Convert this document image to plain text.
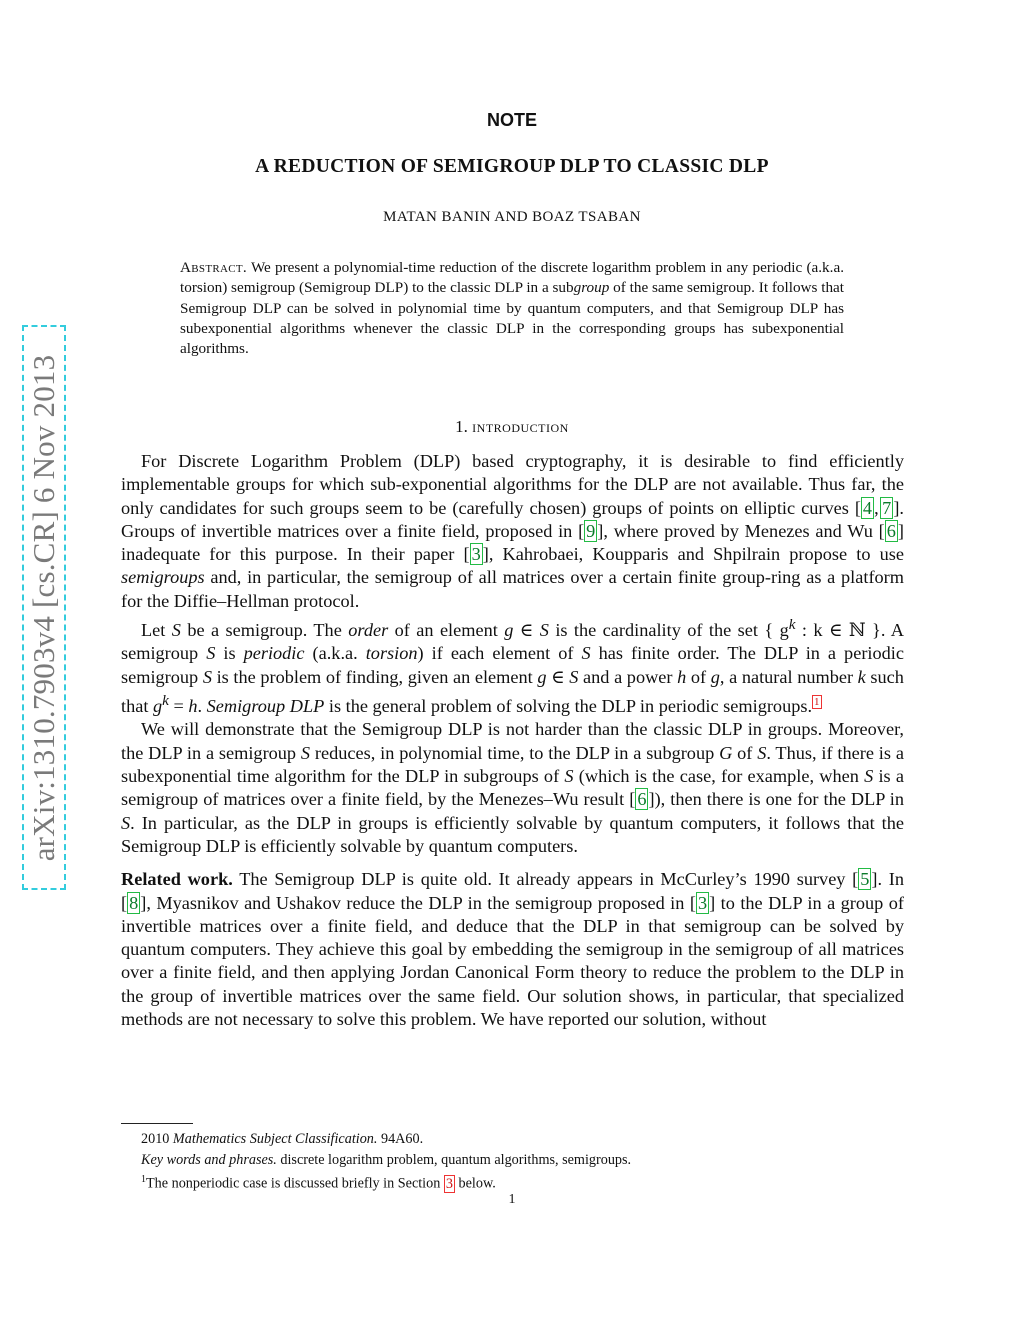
arXiv:1310.7903v4 [cs.CR] 6 Nov 2013
NOTE
A REDUCTION OF SEMIGROUP DLP TO CLASSIC DLP
MATAN BANIN AND BOAZ TSABAN
Abstract. We present a polynomial-time reduction of the discrete logarithm problem in any periodic (a.k.a. torsion) semigroup (Semigroup DLP) to the classic DLP in a subgroup of the same semigroup. It follows that Semigroup DLP can be solved in polynomial time by quantum computers, and that Semigroup DLP has subexponential algorithms whenever the classic DLP in the corresponding groups has subexponential algorithms.
1. introduction

For Discrete Logarithm Problem (DLP) based cryptography, it is desirable to find efficiently implementable groups for which sub-exponential algorithms for the DLP are not available. Thus far, the only candidates for such groups seem to be (carefully chosen) groups of points on elliptic curves [ 4 , 7 ]. Groups of invertible matrices over a finite field, proposed in [ 9 ], where proved by Menezes and Wu [ 6 ] inadequate for this purpose. In their paper [ 3 ], Kahrobaei, Koupparis and Shpilrain propose to use semigroups and, in particular, the semigroup of all matrices over a certain finite group-ring as a platform for the Diffie–Hellman protocol.

Let S be a semigroup. The order of an element g ∈ S is the cardinality of the set { $g^k$ : k ∈ ℕ }. A semigroup S is periodic (a.k.a. torsion) if each element of S has finite order. The DLP in a periodic semigroup S is the problem of finding, given an element g ∈ S and a power h of g, a natural number k such that $g^k = h$. Semigroup DLP is the general problem of solving the DLP in periodic semigroups. $^1$

We will demonstrate that the Semigroup DLP is not harder than the classic DLP in groups. Moreover, the DLP in a semigroup S reduces, in polynomial time, to the DLP in a subgroup G of S. Thus, if there is a subexponential time algorithm for the DLP in subgroups of S (which is the case, for example, when S is a semigroup of matrices over a finite field, by the Menezes–Wu result [ 6 ]), then there is one for the DLP in S. In particular, as the DLP in groups is efficiently solvable by quantum computers, it follows that the Semigroup DLP is efficiently solvable by quantum computers.

Related work. The Semigroup DLP is quite old. It already appears in McCurley’s 1990 survey [ 5 ]. In [ 8 ], Myasnikov and Ushakov reduce the DLP in the semigroup proposed in [ 3 ] to the DLP in a group of invertible matrices over a finite field, and deduce that the DLP in that semigroup can be solved by quantum computers. They achieve this goal by embedding the semigroup in the semigroup of all matrices over a finite field, and then applying Jordan Canonical Form theory to reduce the problem to the DLP in the group of invertible matrices over the same field. Our solution shows, in particular, that specialized methods are not necessary to solve this problem. We have reported our solution, without

2010 Mathematics Subject Classification. 94A60.
Key words and phrases. discrete logarithm problem, quantum algorithms, semigroups.
$^1$The nonperiodic case is discussed briefly in Section 3 below.
1
